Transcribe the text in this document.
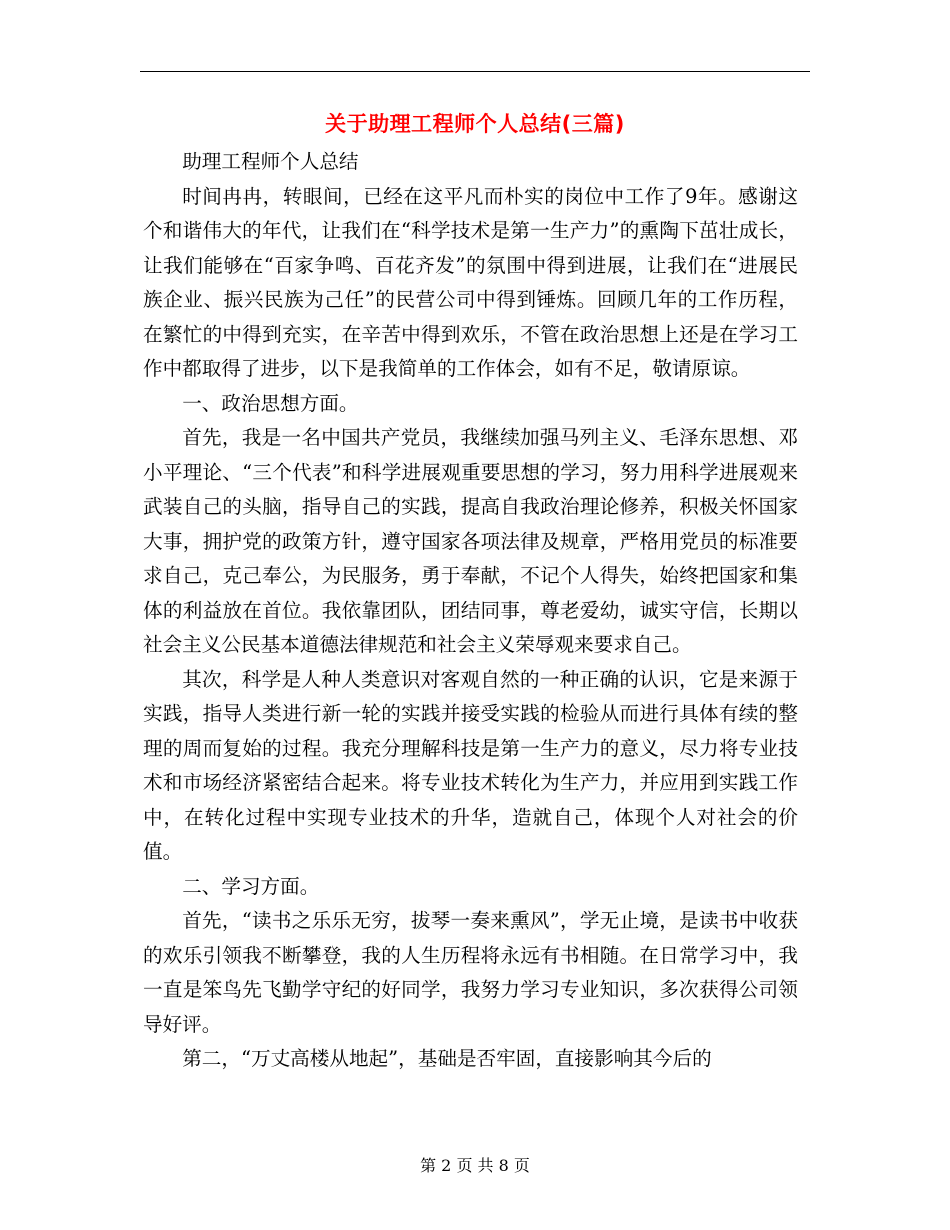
关于助理工程师个人总结(三篇)

助理工程师个人总结

时间冉冉，转眼间，已经在这平凡而朴实的岗位中工作了9年。感谢这个和谐伟大的年代，让我们在“科学技术是第一生产力”的熏陶下茁壮成长，让我们能够在“百家争鸣、百花齐发”的氛围中得到进展，让我们在“进展民族企业、振兴民族为己任”的民营公司中得到锤炼。回顾几年的工作历程，在繁忙的中得到充实，在辛苦中得到欢乐，不管在政治思想上还是在学习工作中都取得了进步，以下是我简单的工作体会，如有不足，敬请原谅。

一、政治思想方面。

首先，我是一名中国共产党员，我继续加强马列主义、毛泽东思想、邓小平理论、“三个代表”和科学进展观重要思想的学习，努力用科学进展观来武装自己的头脑，指导自己的实践，提高自我政治理论修养，积极关怀国家大事，拥护党的政策方针，遵守国家各项法律及规章，严格用党员的标准要求自己，克己奉公，为民服务，勇于奉献，不记个人得失，始终把国家和集体的利益放在首位。我依靠团队，团结同事，尊老爱幼，诚实守信，长期以社会主义公民基本道德法律规范和社会主义荣辱观来要求自己。

其次，科学是人种人类意识对客观自然的一种正确的认识，它是来源于实践，指导人类进行新一轮的实践并接受实践的检验从而进行具体有续的整理的周而复始的过程。我充分理解科技是第一生产力的意义，尽力将专业技术和市场经济紧密结合起来。将专业技术转化为生产力，并应用到实践工作中，在转化过程中实现专业技术的升华，造就自己，体现个人对社会的价值。

二、学习方面。

首先，“读书之乐乐无穷，拔琴一奏来熏风”，学无止境，是读书中收获的欢乐引领我不断攀登，我的人生历程将永远有书相随。在日常学习中，我一直是笨鸟先飞勤学守纪的好同学，我努力学习专业知识，多次获得公司领导好评。

第二，“万丈高楼从地起”，基础是否牢固，直接影响其今后的

第 2 页 共 8 页
